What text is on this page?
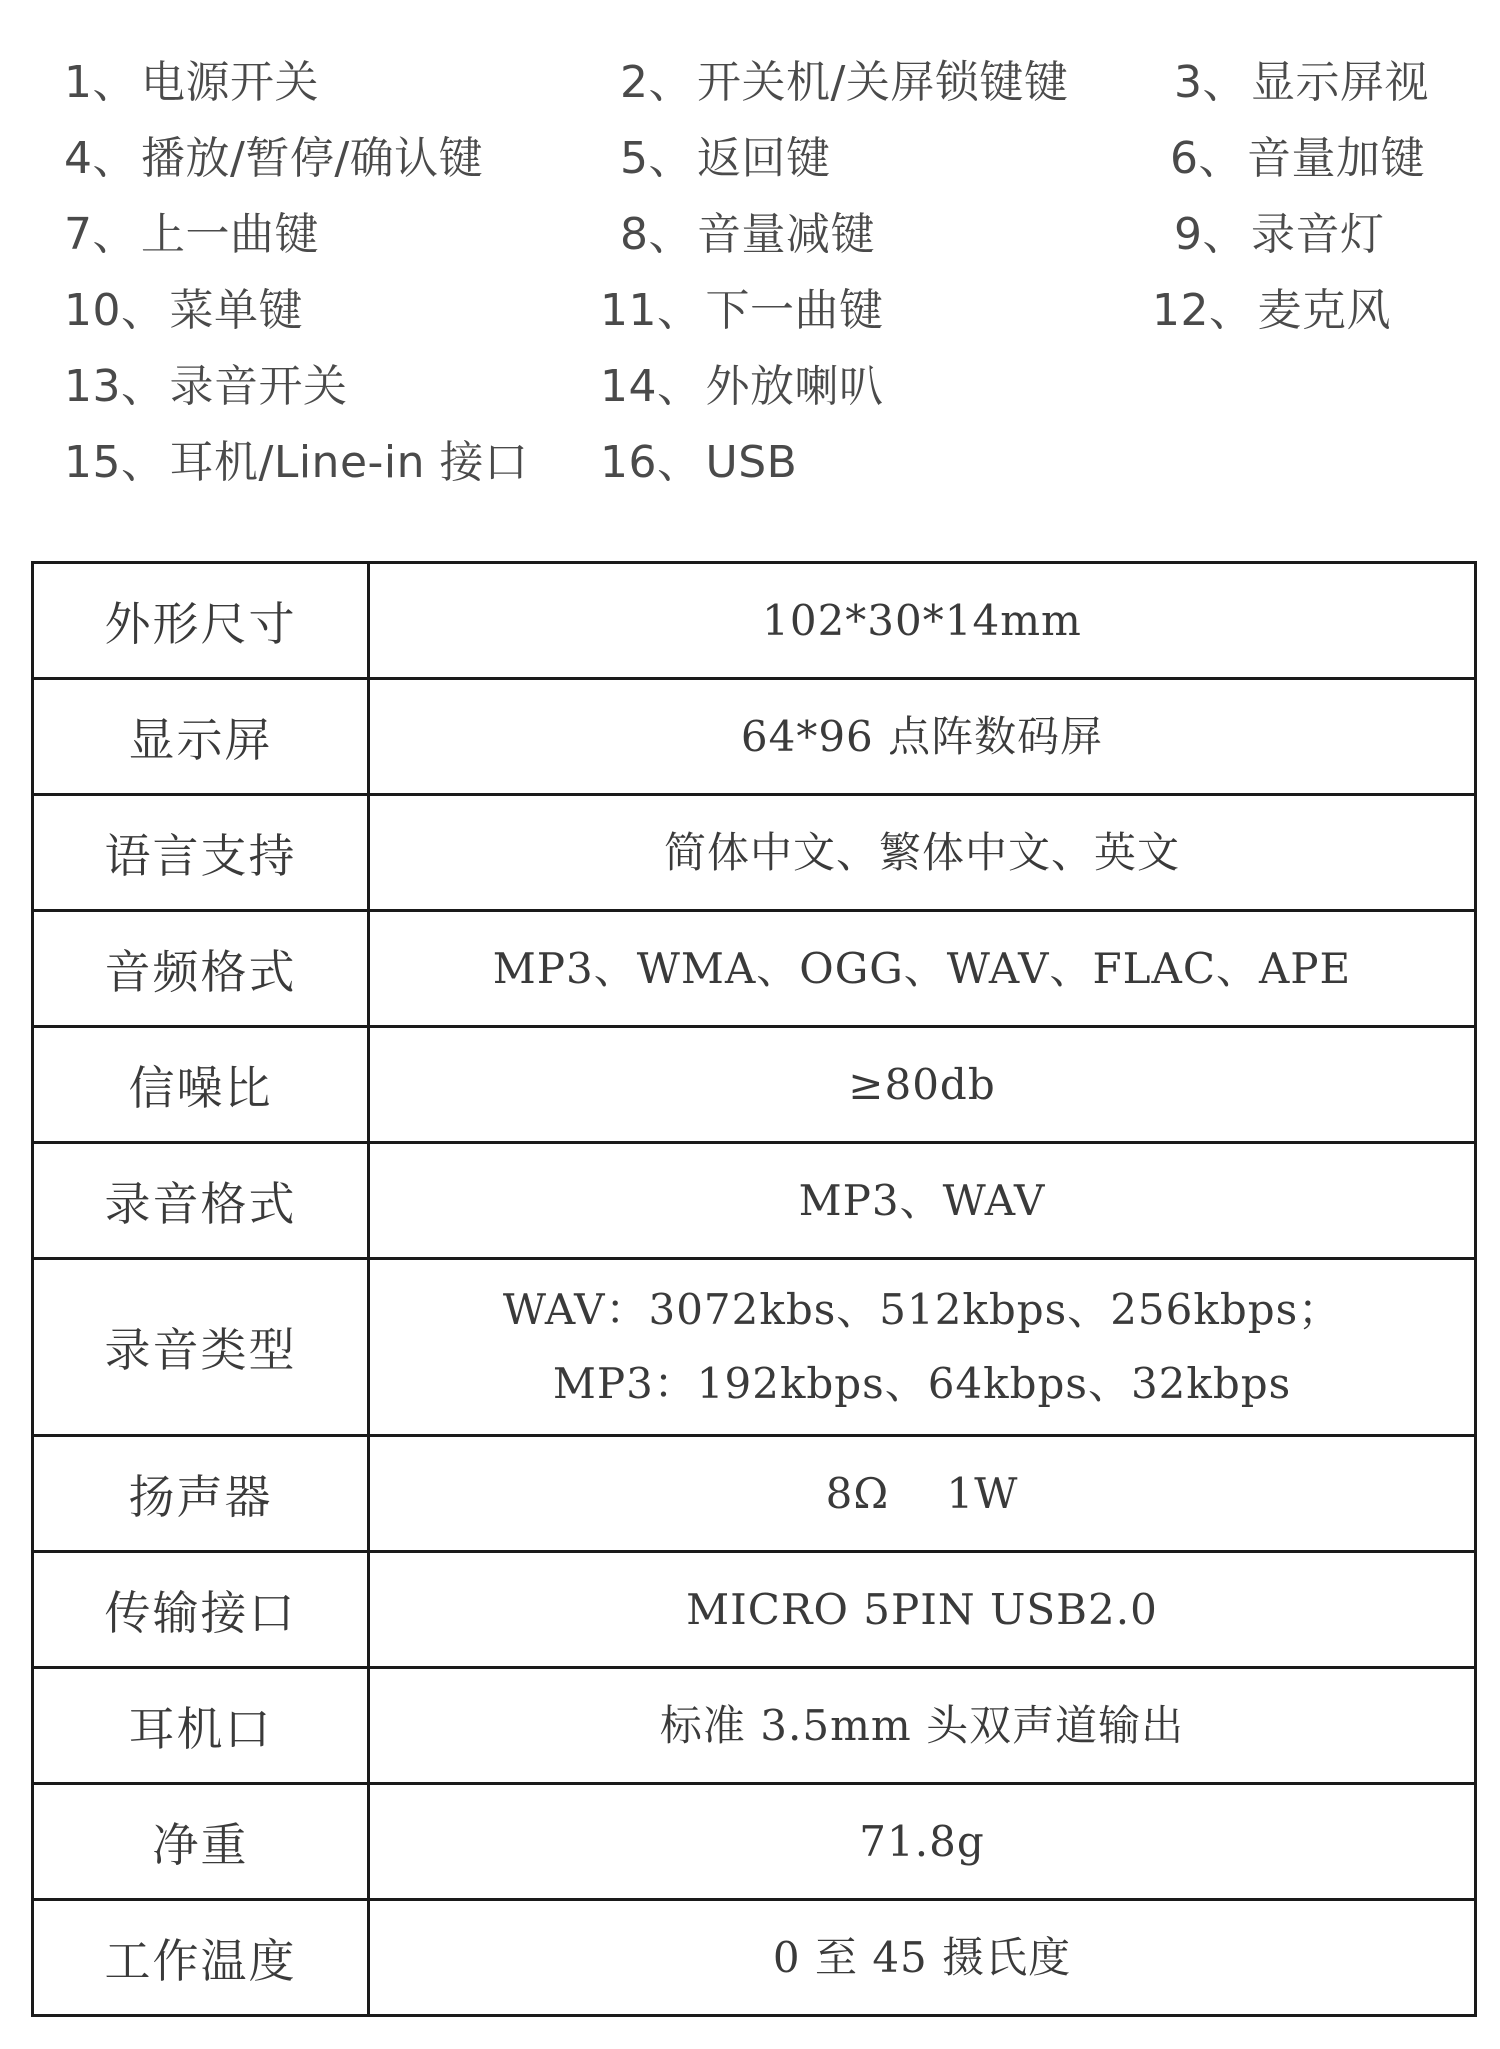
1、电源开关	2、开关机/关屏锁键键 3、显示屏视
4、播放/暂停/确认键	5、返回键	6、音量加键
7、上一曲键	8、音量减键	9、录音灯
10、菜单键	11、下一曲键	12、麦克风
13、录音开关	14、外放喇叭
15、耳机/Line-in 接口 16、USB
外形尺寸	102*30*14mm

显示屏	64*96 点阵数码屏

语言支持	简体中文、繁体中文、英文

音频格式	MP3、WMA、OGG、WAV、FLAC、APE

信噪比	≥80db

录音格式	MP3、WAV

录音类型	WAV：3072kbs、512kbps、256kbps；
MP3：192kbps、64kbps、32kbps

扬声器	8Ω　 1W

传输接口	MICRO 5PIN USB2.0

耳机口	标准 3.5mm 头双声道输出

净重	71.8g

工作温度	0 至 45 摄氏度
